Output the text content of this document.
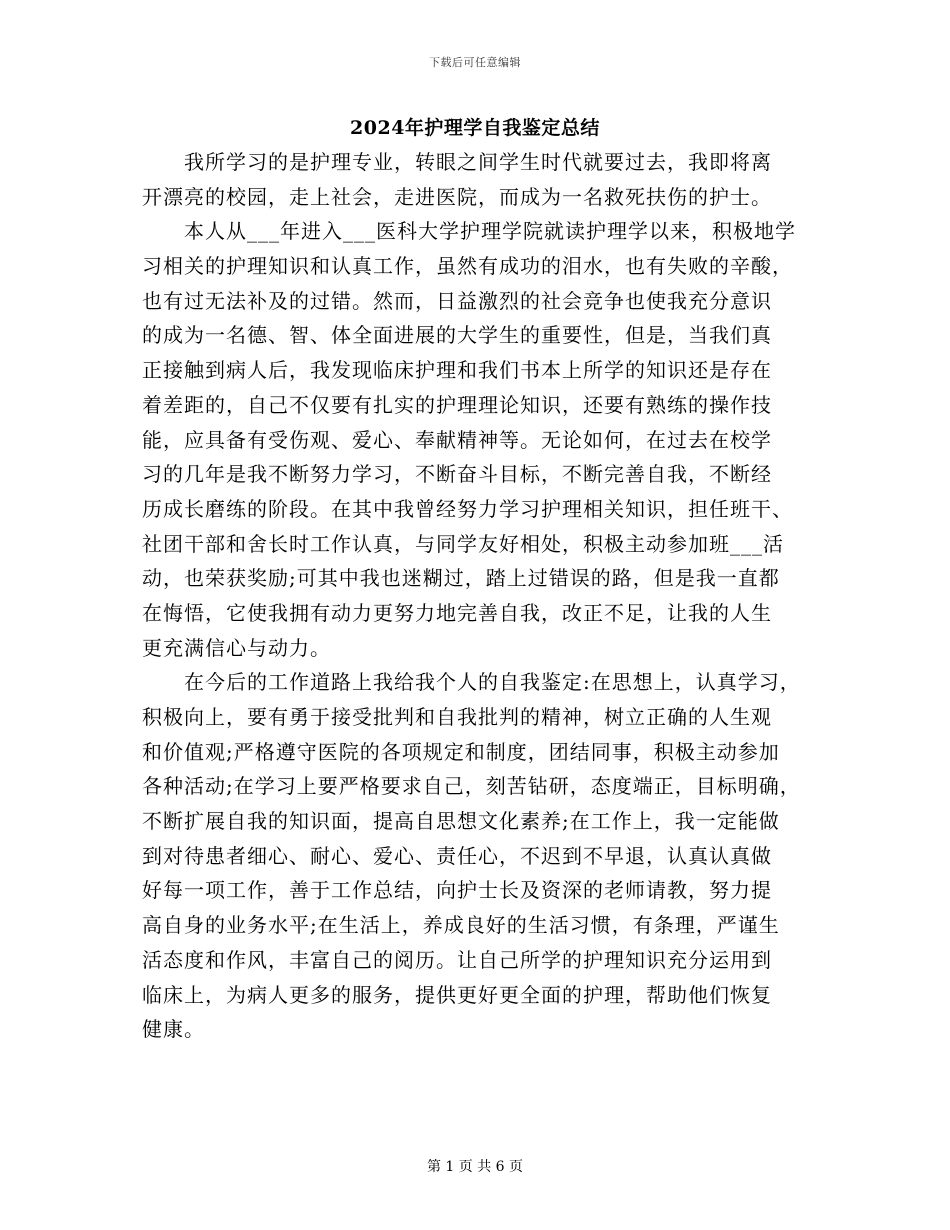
下载后可任意编辑
2024年护理学自我鉴定总结
我所学习的是护理专业，转眼之间学生时代就要过去，我即将离
开漂亮的校园，走上社会，走进医院，而成为一名救死扶伤的护士。
本人从___年进入___医科大学护理学院就读护理学以来，积极地学
习相关的护理知识和认真工作，虽然有成功的泪水，也有失败的辛酸，
也有过无法补及的过错。然而，日益激烈的社会竞争也使我充分意识
的成为一名德、智、体全面进展的大学生的重要性，但是，当我们真
正接触到病人后，我发现临床护理和我们书本上所学的知识还是存在
着差距的，自己不仅要有扎实的护理理论知识，还要有熟练的操作技
能，应具备有受伤观、爱心、奉献精神等。无论如何，在过去在校学
习的几年是我不断努力学习，不断奋斗目标，不断完善自我，不断经
历成长磨练的阶段。在其中我曾经努力学习护理相关知识，担任班干、
社团干部和舍长时工作认真，与同学友好相处，积极主动参加班___活
动，也荣获奖励;可其中我也迷糊过，踏上过错误的路，但是我一直都
在悔悟，它使我拥有动力更努力地完善自我，改正不足，让我的人生
更充满信心与动力。
在今后的工作道路上我给我个人的自我鉴定:在思想上，认真学习，
积极向上，要有勇于接受批判和自我批判的精神，树立正确的人生观
和价值观;严格遵守医院的各项规定和制度，团结同事，积极主动参加
各种活动;在学习上要严格要求自己，刻苦钻研，态度端正，目标明确，
不断扩展自我的知识面，提高自思想文化素养;在工作上，我一定能做
到对待患者细心、耐心、爱心、责任心，不迟到不早退，认真认真做
好每一项工作，善于工作总结，向护士长及资深的老师请教，努力提
高自身的业务水平;在生活上，养成良好的生活习惯，有条理，严谨生
活态度和作风，丰富自己的阅历。让自己所学的护理知识充分运用到
临床上，为病人更多的服务，提供更好更全面的护理，帮助他们恢复
健康。
第 1 页 共 6 页
